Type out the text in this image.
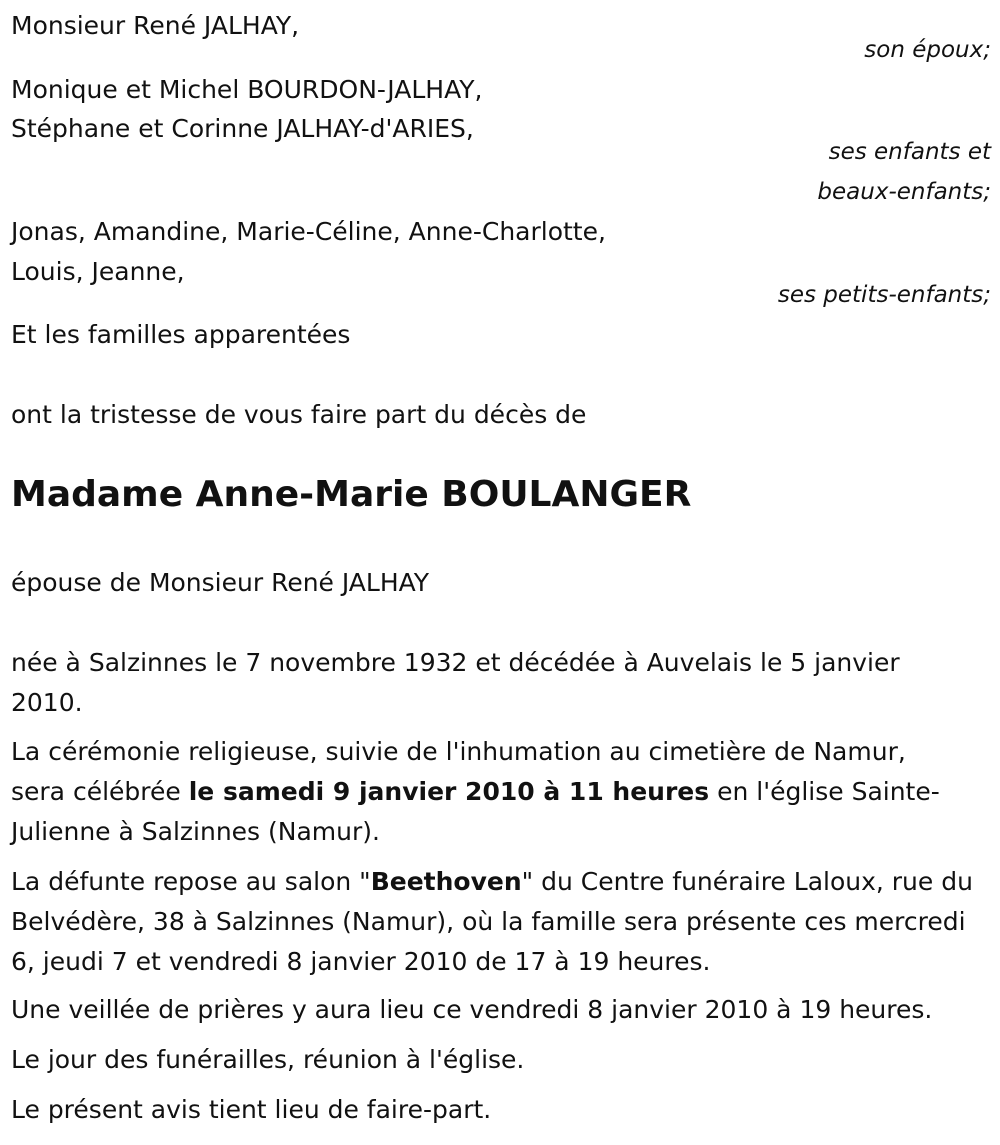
Monsieur René JALHAY,
son époux;
Monique et Michel BOURDON-JALHAY,
Stéphane et Corinne JALHAY-d'ARIES,
ses enfants et
beaux-enfants;
Jonas, Amandine, Marie-Céline, Anne-Charlotte,
Louis, Jeanne,
ses petits-enfants;
Et les familles apparentées
ont la tristesse de vous faire part du décès de
Madame Anne-Marie BOULANGER
épouse de Monsieur René JALHAY
née à Salzinnes le 7 novembre 1932 et décédée à Auvelais le 5 janvier 2010.
La cérémonie religieuse, suivie de l'inhumation au cimetière de Namur, sera célébrée le samedi 9 janvier 2010 à 11 heures en l'église Sainte-Julienne à Salzinnes (Namur).
La défunte repose au salon "Beethoven" du Centre funéraire Laloux, rue du Belvédère, 38 à Salzinnes (Namur), où la famille sera présente ces mercredi 6, jeudi 7 et vendredi 8 janvier 2010 de 17 à 19 heures.
Une veillée de prières y aura lieu ce vendredi 8 janvier 2010 à 19 heures.
Le jour des funérailles, réunion à l'église.
Le présent avis tient lieu de faire-part.
